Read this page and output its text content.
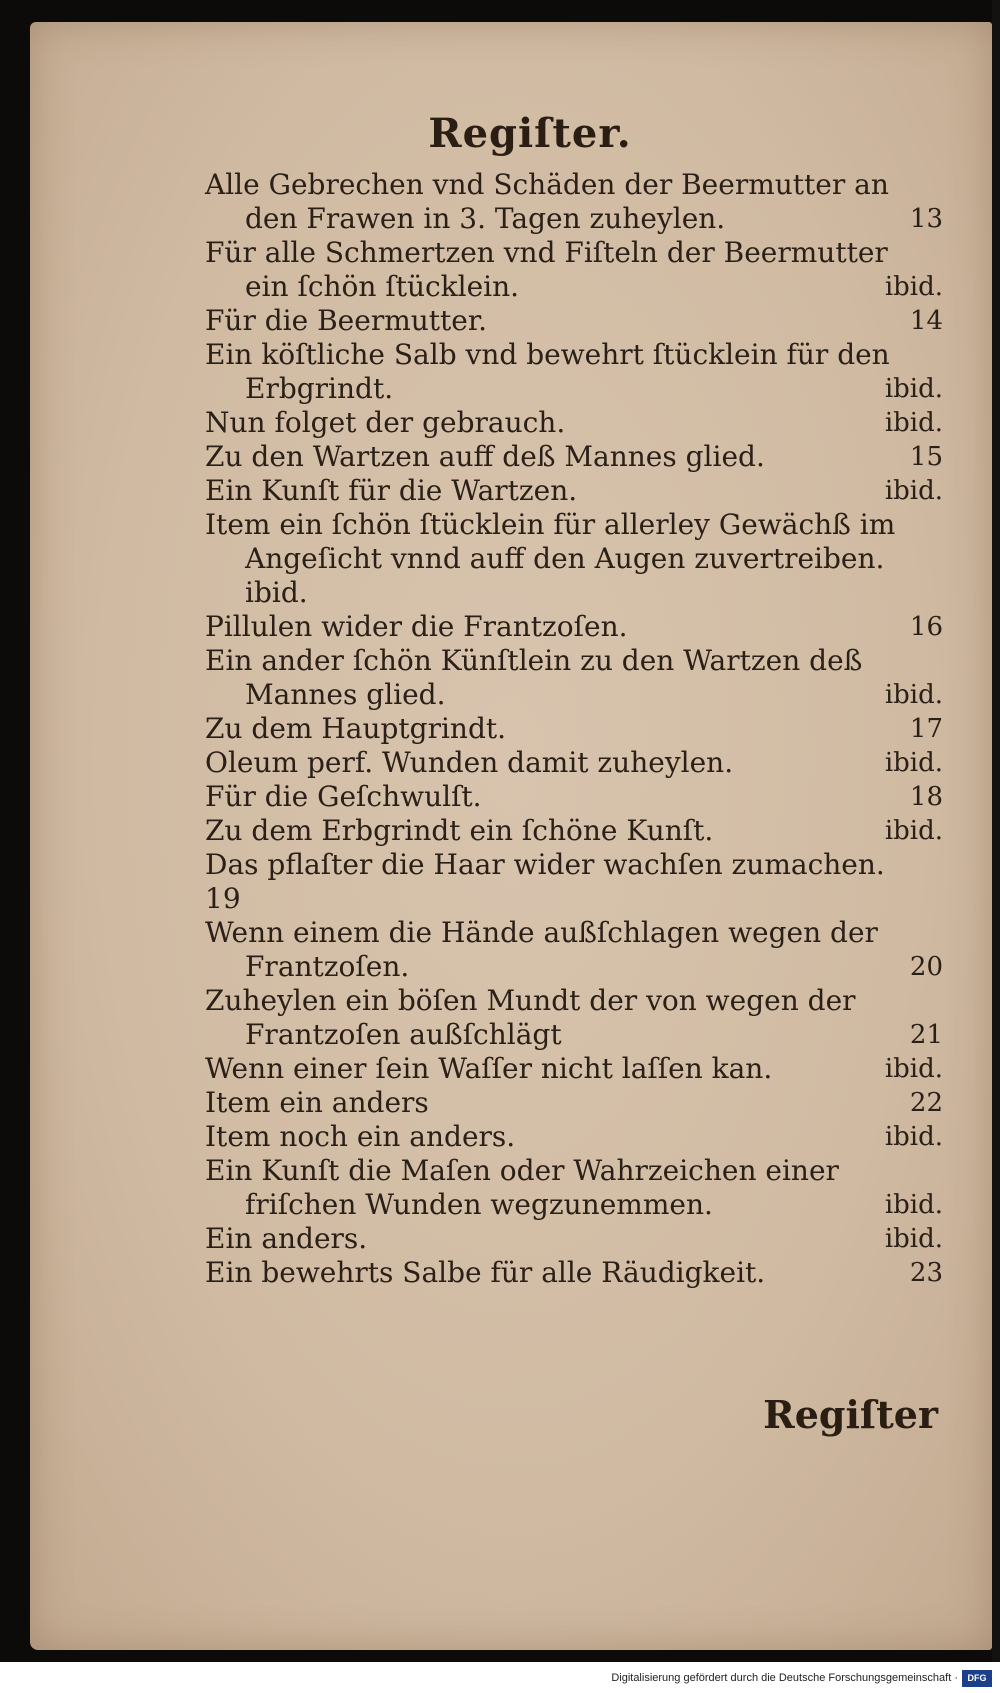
Regiſter.
Alle Gebrechen vnd Schäden der Beermutter an
den Frawen in 3. Tagen zuheylen.	13
Für alle Schmertzen vnd Fiſteln der Beermutter
ein ſchön ſtücklein.	ibid.
Für die Beermutter.	14
Ein köſtliche Salb vnd bewehrt ſtücklein für den
Erbgrindt.	ibid.
Nun folget der gebrauch.	ibid.
Zu den Wartzen auff deß Mannes glied.	15
Ein Kunſt für die Wartzen.	ibid.
Item ein ſchön ſtücklein für allerley Gewächß im
Angeſicht vnnd auff den Augen zuvertreiben.
ibid.
Pillulen wider die Frantzoſen.	16
Ein ander ſchön Künſtlein zu den Wartzen deß
Mannes glied.	ibid.
Zu dem Hauptgrindt.	17
Oleum perf. Wunden damit zuheylen.	ibid.
Für die Geſchwulſt.	18
Zu dem Erbgrindt ein ſchöne Kunſt.	ibid.
Das pflaſter die Haar wider wachſen zumachen.
19
Wenn einem die Hände außſchlagen wegen der
Frantzoſen.	20
Zuheylen ein böſen Mundt der von wegen der
Frantzoſen außſchlägt	21
Wenn einer ſein Waſſer nicht laſſen kan.	ibid.
Item ein anders	22
Item noch ein anders.	ibid.
Ein Kunſt die Maſen oder Wahrzeichen einer
friſchen Wunden wegzunemmen.	ibid.
Ein anders.	ibid.
Ein bewehrts Salbe für alle Räudigkeit.	23
Regiſter
Digitalisierung gefördert durch die Deutsche Forschungsgemeinschaft ·	DFG
